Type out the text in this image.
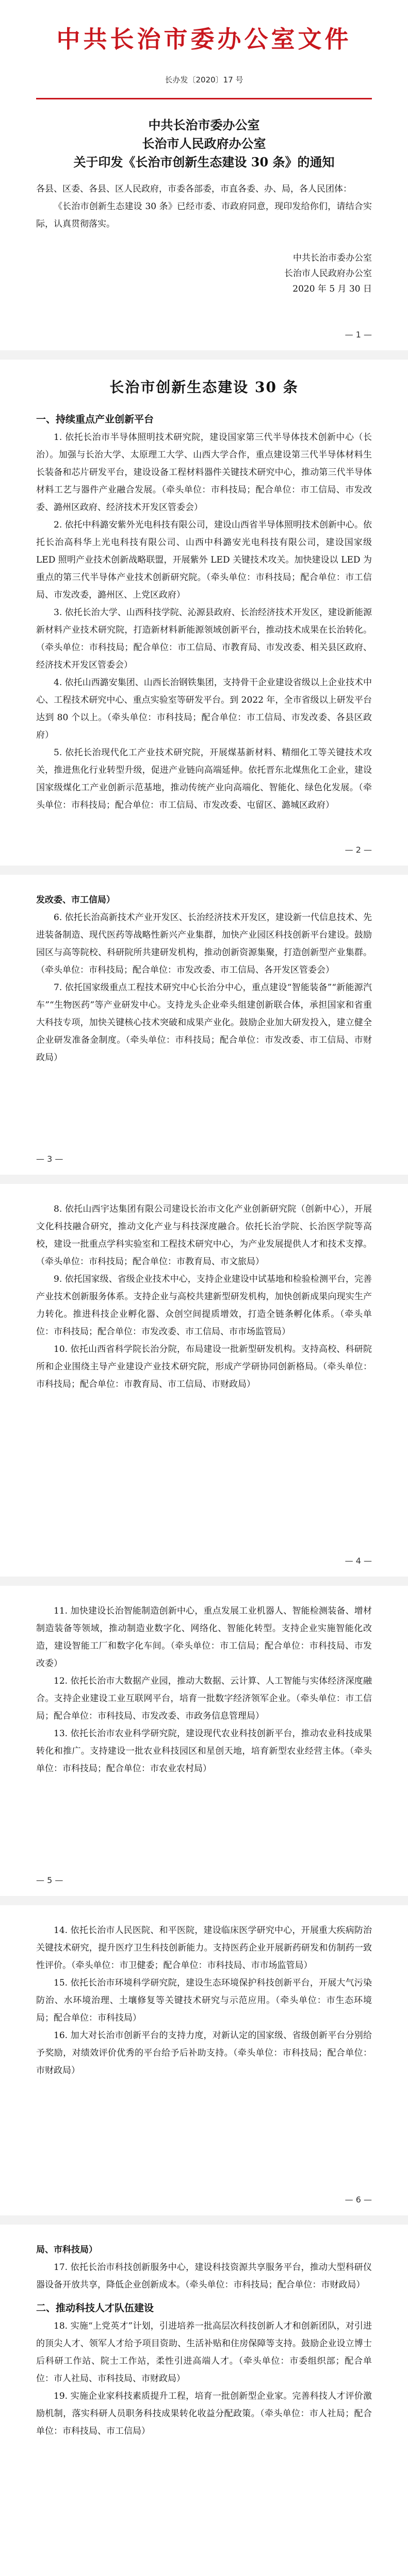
中共长治市委办公室文件
长办发〔2020〕17 号
中共长治市委办公室
长治市人民政府办公室
关于印发《长治市创新生态建设 30 条》的通知

各县、区委、各县、区人民政府，市委各部委，市直各委、办、局，各人民团体：

《长治市创新生态建设 30 条》已经市委、市政府同意，现印发给你们，请结合实际，认真贯彻落实。

中共长治市委办公室
长治市人民政府办公室
2020 年 5 月 30 日
— 1 —
长治市创新生态建设 30 条

一、持续重点产业创新平台

1. 依托长治市半导体照明技术研究院，建设国家第三代半导体技术创新中心（长治）。加强与长治大学、太原理工大学、山西大学合作，重点建设第三代半导体材料生长装备和芯片研发平台，建设设备工程材料器件关键技术研究中心，推动第三代半导体材料工艺与器件产业融合发展。（牵头单位：市科技局；配合单位：市工信局、市发改委、潞州区政府、经济技术开发区管委会）

2. 依托中科潞安紫外光电科技有限公司，建设山西省半导体照明技术创新中心。依托长治高科华上光电科技有限公司、山西中科潞安光电科技有限公司，建设国家级 LED 照明产业技术创新战略联盟，开展紫外 LED 关键技术攻关。加快建设以 LED 为重点的第三代半导体产业技术创新研究院。（牵头单位：市科技局；配合单位：市工信局、市发改委，潞州区、上党区政府）

3. 依托长治大学、山西科技学院、沁源县政府、长治经济技术开发区，建设新能源新材料产业技术研究院，打造新材料新能源领域创新平台，推动技术成果在长治转化。（牵头单位：市科技局；配合单位：市工信局、市教育局、市发改委、相关县区政府、经济技术开发区管委会）

4. 依托山西潞安集团、山西长治钢铁集团，支持骨干企业建设省级以上企业技术中心、工程技术研究中心、重点实验室等研发平台。到 2022 年，全市省级以上研发平台达到 80 个以上。（牵头单位：市科技局；配合单位：市工信局、市发改委、各县区政府）

5. 依托长治现代化工产业技术研究院，开展煤基新材料、精细化工等关键技术攻关，推进焦化行业转型升级，促进产业链向高端延伸。依托晋东北煤焦化工企业，建设国家级煤化工产业创新示范基地，推动传统产业向高端化、智能化、绿色化发展。（牵头单位：市科技局；配合单位：市工信局、市发改委、屯留区、潞城区政府）

— 2 —

发改委、市工信局）

6. 依托长治高新技术产业开发区、长治经济技术开发区，建设新一代信息技术、先进装备制造、现代医药等战略性新兴产业集群，加快产业园区科技创新平台建设。鼓励园区与高等院校、科研院所共建研发机构，推动创新资源集聚，打造创新型产业集群。（牵头单位：市科技局；配合单位：市发改委、市工信局、各开发区管委会）

7. 依托国家级重点工程技术研究中心长治分中心，重点建设“智能装备”“新能源汽车”“生物医药”等产业研发中心。支持龙头企业牵头组建创新联合体，承担国家和省重大科技专项，加快关键核心技术突破和成果产业化。鼓励企业加大研发投入，建立健全企业研发准备金制度。（牵头单位：市科技局；配合单位：市发改委、市工信局、市财政局）

— 3 —

8. 依托山西宇达集团有限公司建设长治市文化产业创新研究院（创新中心），开展文化科技融合研究，推动文化产业与科技深度融合。依托长治学院、长治医学院等高校，建设一批重点学科实验室和工程技术研究中心，为产业发展提供人才和技术支撑。（牵头单位：市科技局；配合单位：市教育局、市文旅局）

9. 依托国家级、省级企业技术中心，支持企业建设中试基地和检验检测平台，完善产业技术创新服务体系。支持企业与高校共建新型研发机构，加快创新成果向现实生产力转化。推进科技企业孵化器、众创空间提质增效，打造全链条孵化体系。（牵头单位：市科技局；配合单位：市发改委、市工信局、市市场监管局）

10. 依托山西省科学院长治分院，布局建设一批新型研发机构。支持高校、科研院所和企业围绕主导产业建设产业技术研究院，形成产学研协同创新格局。（牵头单位：市科技局；配合单位：市教育局、市工信局、市财政局）

— 4 —

11. 加快建设长治智能制造创新中心，重点发展工业机器人、智能检测装备、增材制造装备等领域，推动制造业数字化、网络化、智能化转型。支持企业实施智能化改造，建设智能工厂和数字化车间。（牵头单位：市工信局；配合单位：市科技局、市发改委）

12. 依托长治市大数据产业园，推动大数据、云计算、人工智能与实体经济深度融合。支持企业建设工业互联网平台，培育一批数字经济领军企业。（牵头单位：市工信局；配合单位：市科技局、市发改委、市政务信息管理局）

13. 依托长治市农业科学研究院，建设现代农业科技创新平台，推动农业科技成果转化和推广。支持建设一批农业科技园区和星创天地，培育新型农业经营主体。（牵头单位：市科技局；配合单位：市农业农村局）

— 5 —

14. 依托长治市人民医院、和平医院，建设临床医学研究中心，开展重大疾病防治关键技术研究，提升医疗卫生科技创新能力。支持医药企业开展新药研发和仿制药一致性评价。（牵头单位：市卫健委；配合单位：市科技局、市市场监管局）

15. 依托长治市环境科学研究院，建设生态环境保护科技创新平台，开展大气污染防治、水环境治理、土壤修复等关键技术研究与示范应用。（牵头单位：市生态环境局；配合单位：市科技局）

16. 加大对长治市创新平台的支持力度，对新认定的国家级、省级创新平台分别给予奖励，对绩效评价优秀的平台给予后补助支持。（牵头单位：市科技局；配合单位：市财政局）

— 6 —

局、市科技局）

17. 依托长治市科技创新服务中心，建设科技资源共享服务平台，推动大型科研仪器设备开放共享，降低企业创新成本。（牵头单位：市科技局；配合单位：市财政局）

二、推动科技人才队伍建设

18. 实施“上党英才”计划，引进培养一批高层次科技创新人才和创新团队，对引进的顶尖人才、领军人才给予项目资助、生活补贴和住房保障等支持。鼓励企业设立博士后科研工作站、院士工作站，柔性引进高端人才。（牵头单位：市委组织部；配合单位：市人社局、市科技局、市财政局）

19. 实施企业家科技素质提升工程，培育一批创新型企业家。完善科技人才评价激励机制，落实科研人员职务科技成果转化收益分配政策。（牵头单位：市人社局；配合单位：市科技局、市工信局）
